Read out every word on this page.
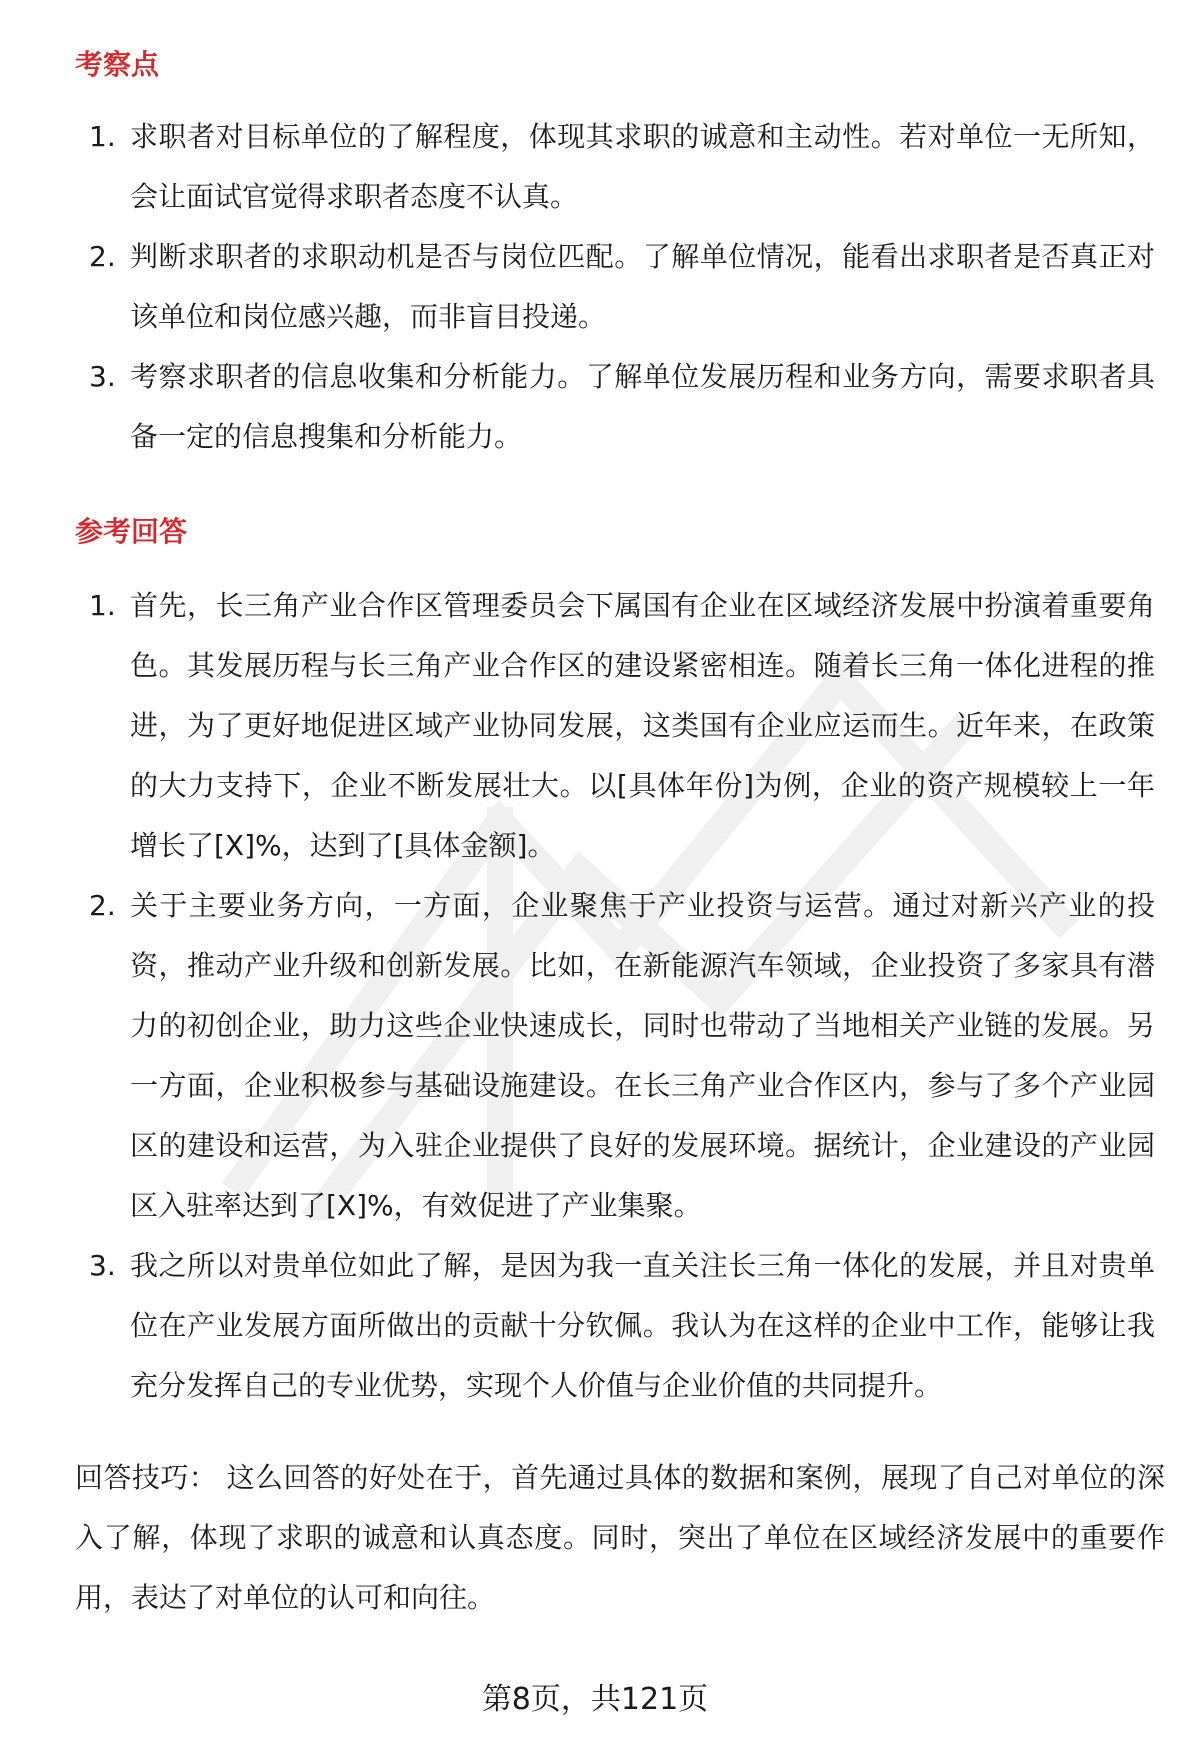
考察点
1. 求职者对目标单位的了解程度，体现其求职的诚意和主动性。若对单位一无所知，会让面试官觉得求职者态度不认真。
2. 判断求职者的求职动机是否与岗位匹配。了解单位情况，能看出求职者是否真正对该单位和岗位感兴趣，而非盲目投递。
3. 考察求职者的信息收集和分析能力。了解单位发展历程和业务方向，需要求职者具备一定的信息搜集和分析能力。
参考回答
1. 首先，长三角产业合作区管理委员会下属国有企业在区域经济发展中扮演着重要角色。其发展历程与长三角产业合作区的建设紧密相连。随着长三角一体化进程的推进，为了更好地促进区域产业协同发展，这类国有企业应运而生。近年来，在政策的大力支持下，企业不断发展壮大。以[具体年份]为例，企业的资产规模较上一年增长了[X]%，达到了[具体金额]。
2. 关于主要业务方向，一方面，企业聚焦于产业投资与运营。通过对新兴产业的投资，推动产业升级和创新发展。比如，在新能源汽车领域，企业投资了多家具有潜力的初创企业，助力这些企业快速成长，同时也带动了当地相关产业链的发展。另一方面，企业积极参与基础设施建设。在长三角产业合作区内，参与了多个产业园区的建设和运营，为入驻企业提供了良好的发展环境。据统计，企业建设的产业园区入驻率达到了[X]%，有效促进了产业集聚。
3. 我之所以对贵单位如此了解，是因为我一直关注长三角一体化的发展，并且对贵单位在产业发展方面所做出的贡献十分钦佩。我认为在这样的企业中工作，能够让我充分发挥自己的专业优势，实现个人价值与企业价值的共同提升。

回答技巧： 这么回答的好处在于，首先通过具体的数据和案例，展现了自己对单位的深入了解，体现了求职的诚意和认真态度。同时，突出了单位在区域经济发展中的重要作用，表达了对单位的认可和向往。

第8页，共121页
